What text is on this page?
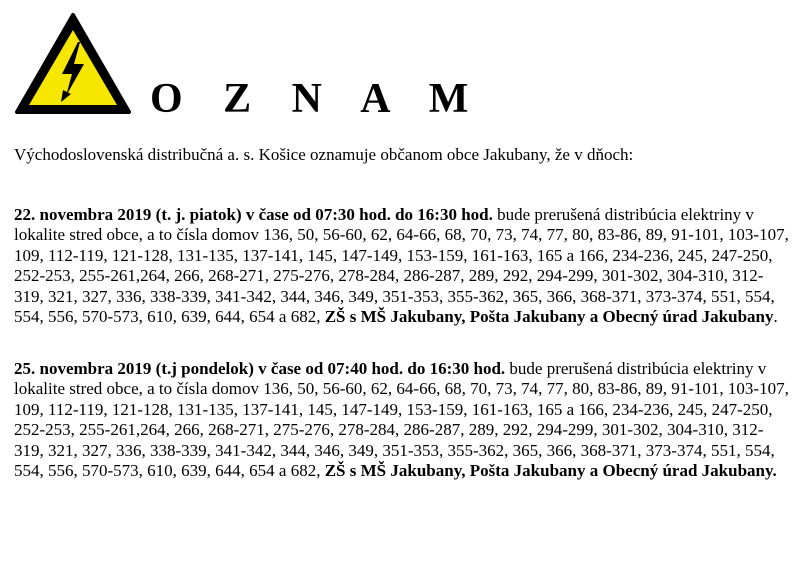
O Z N A M
Východoslovenská distribučná a. s. Košice oznamuje občanom obce Jakubany, že v dňoch:

22. novembra 2019 (t. j. piatok) v čase od 07:30 hod. do 16:30 hod. bude prerušená distribúcia elektriny v lokalite stred obce, a to čísla domov 136, 50, 56-60, 62, 64-66, 68, 70, 73, 74, 77, 80, 83-86, 89, 91-101, 103-107, 109, 112-119, 121-128, 131-135, 137-141, 145, 147-149, 153-159, 161-163, 165 a 166, 234-236, 245, 247-250, 252-253, 255-261,264, 266, 268-271, 275-276, 278-284, 286-287, 289, 292, 294-299, 301-302, 304-310, 312-319, 321, 327, 336, 338-339, 341-342, 344, 346, 349, 351-353, 355-362, 365, 366, 368-371, 373-374, 551, 554, 554, 556, 570-573, 610, 639, 644, 654 a 682, ZŠ s MŠ Jakubany, Pošta Jakubany a Obecný úrad Jakubany.

25. novembra 2019 (t.j pondelok) v čase od 07:40 hod. do 16:30 hod. bude prerušená distribúcia elektriny v lokalite stred obce, a to čísla domov 136, 50, 56-60, 62, 64-66, 68, 70, 73, 74, 77, 80, 83-86, 89, 91-101, 103-107, 109, 112-119, 121-128, 131-135, 137-141, 145, 147-149, 153-159, 161-163, 165 a 166, 234-236, 245, 247-250, 252-253, 255-261,264, 266, 268-271, 275-276, 278-284, 286-287, 289, 292, 294-299, 301-302, 304-310, 312-319, 321, 327, 336, 338-339, 341-342, 344, 346, 349, 351-353, 355-362, 365, 366, 368-371, 373-374, 551, 554, 554, 556, 570-573, 610, 639, 644, 654 a 682, ZŠ s MŠ Jakubany, Pošta Jakubany a Obecný úrad Jakubany.
